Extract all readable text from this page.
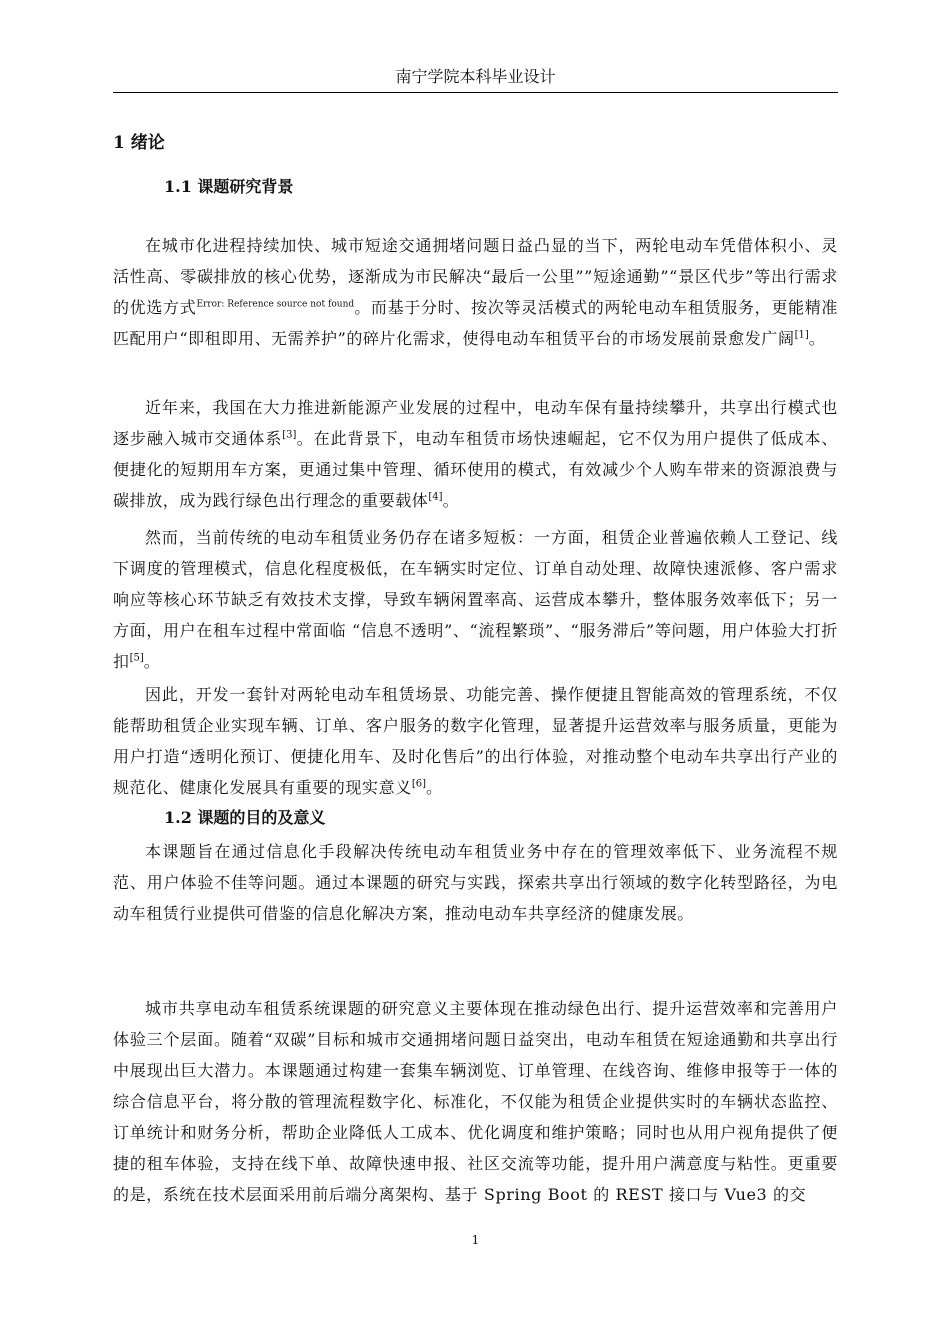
南宁学院本科毕业设计
1 绪论
1.1 课题研究背景

在城市化进程持续加快、城市短途交通拥堵问题日益凸显的当下，两轮电动车凭借体积小、灵活性高、零碳排放的核心优势，逐渐成为市民解决“最后一公里””短途通勤”“景区代步”等出行需求的优选方式$^{Error: Reference source not found}$。而基于分时、按次等灵活模式的两轮电动车租赁服务，更能精准匹配用户“即租即用、无需养护”的碎片化需求，使得电动车租赁平台的市场发展前景愈发广阔[1]。

近年来，我国在大力推进新能源产业发展的过程中，电动车保有量持续攀升，共享出行模式也逐步融入城市交通体系[3]。在此背景下，电动车租赁市场快速崛起，它不仅为用户提供了低成本、便捷化的短期用车方案，更通过集中管理、循环使用的模式，有效减少个人购车带来的资源浪费与碳排放，成为践行绿色出行理念的重要载体[4]。

然而，当前传统的电动车租赁业务仍存在诸多短板：一方面，租赁企业普遍依赖人工登记、线下调度的管理模式，信息化程度极低，在车辆实时定位、订单自动处理、故障快速派修、客户需求响应等核心环节缺乏有效技术支撑，导致车辆闲置率高、运营成本攀升，整体服务效率低下；另一方面，用户在租车过程中常面临 “信息不透明”、“流程繁琐”、“服务滞后”等问题，用户体验大打折扣[5]。

因此，开发一套针对两轮电动车租赁场景、功能完善、操作便捷且智能高效的管理系统，不仅能帮助租赁企业实现车辆、订单、客户服务的数字化管理，显著提升运营效率与服务质量，更能为用户打造“透明化预订、便捷化用车、及时化售后”的出行体验，对推动整个电动车共享出行产业的规范化、健康化发展具有重要的现实意义[6]。

1.2 课题的目的及意义

本课题旨在通过信息化手段解决传统电动车租赁业务中存在的管理效率低下、业务流程不规范、用户体验不佳等问题。通过本课题的研究与实践，探索共享出行领域的数字化转型路径，为电动车租赁行业提供可借鉴的信息化解决方案，推动电动车共享经济的健康发展。

城市共享电动车租赁系统课题的研究意义主要体现在推动绿色出行、提升运营效率和完善用户体验三个层面。随着“双碳”目标和城市交通拥堵问题日益突出，电动车租赁在短途通勤和共享出行中展现出巨大潜力。本课题通过构建一套集车辆浏览、订单管理、在线咨询、维修申报等于一体的综合信息平台，将分散的管理流程数字化、标准化，不仅能为租赁企业提供实时的车辆状态监控、订单统计和财务分析，帮助企业降低人工成本、优化调度和维护策略；同时也从用户视角提供了便捷的租车体验，支持在线下单、故障快速申报、社区交流等功能，提升用户满意度与粘性。更重要的是，系统在技术层面采用前后端分离架构、基于 Spring Boot 的 REST 接口与 Vue3 的交

1
